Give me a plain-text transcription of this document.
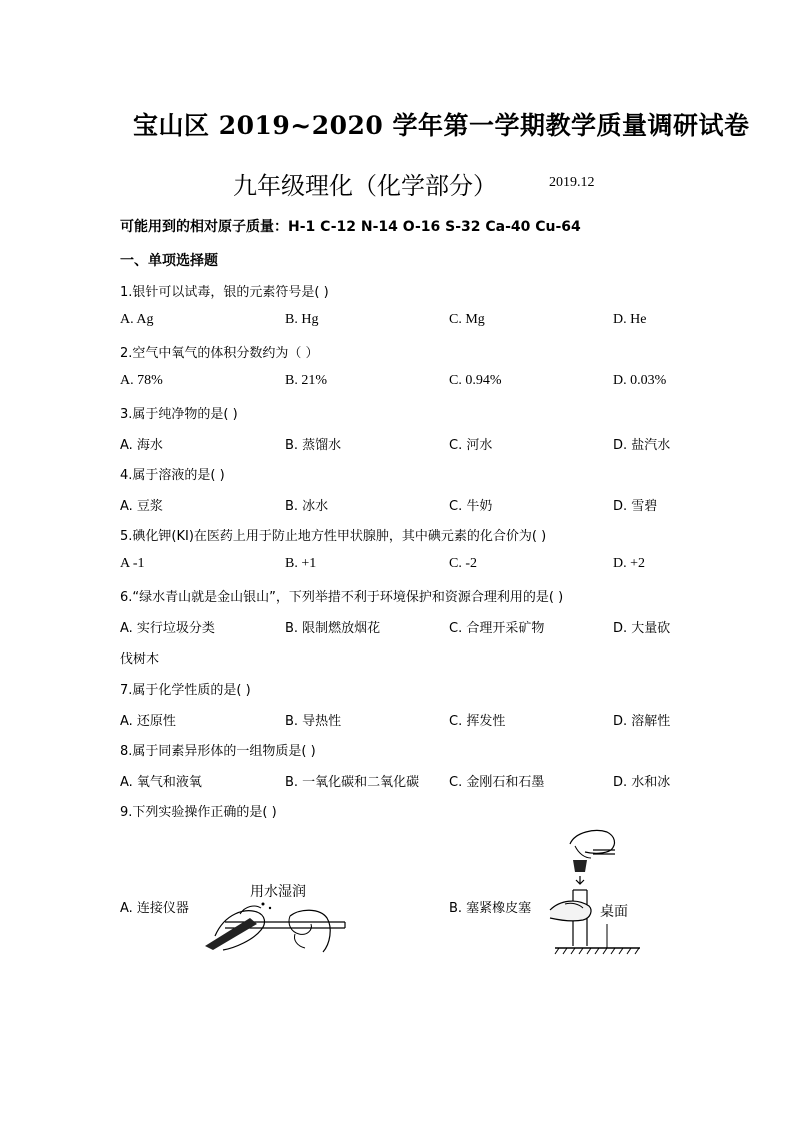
宝山区 2019~2020 学年第一学期教学质量调研试卷
九年级理化（化学部分）	2019.12
可能用到的相对原子质量：H-1 C-12 N-14 O-16 S-32 Ca-40 Cu-64
一、单项选择题
1.银针可以试毒，银的元素符号是( )
A. Ag	B. Hg	C. Mg	D. He
2.空气中氧气的体积分数约为（ ）
A. 78%	B. 21%	C. 0.94%	D. 0.03%
3.属于纯净物的是( )
A. 海水	B. 蒸馏水	C. 河水	D. 盐汽水
4.属于溶液的是( )
A. 豆浆	B. 冰水	C. 牛奶	D. 雪碧
5.碘化钾(KI)在医药上用于防止地方性甲状腺肿，其中碘元素的化合价为( )
A -1	B. +1	C. -2	D. +2
6.“绿水青山就是金山银山”，下列举措不利于环境保护和资源合理利用的是( )
A. 实行垃圾分类	B. 限制燃放烟花	C. 合理开采矿物	D. 大量砍
伐树木
7.属于化学性质的是( )
A. 还原性	B. 导热性	C. 挥发性	D. 溶解性
8.属于同素异形体的一组物质是( )
A. 氧气和液氧	B. 一氧化碳和二氧化碳 C. 金刚石和石墨	D. 水和冰
9.下列实验操作正确的是( )
A. 连接仪器	B. 塞紧橡皮塞
用水湿润
桌面
